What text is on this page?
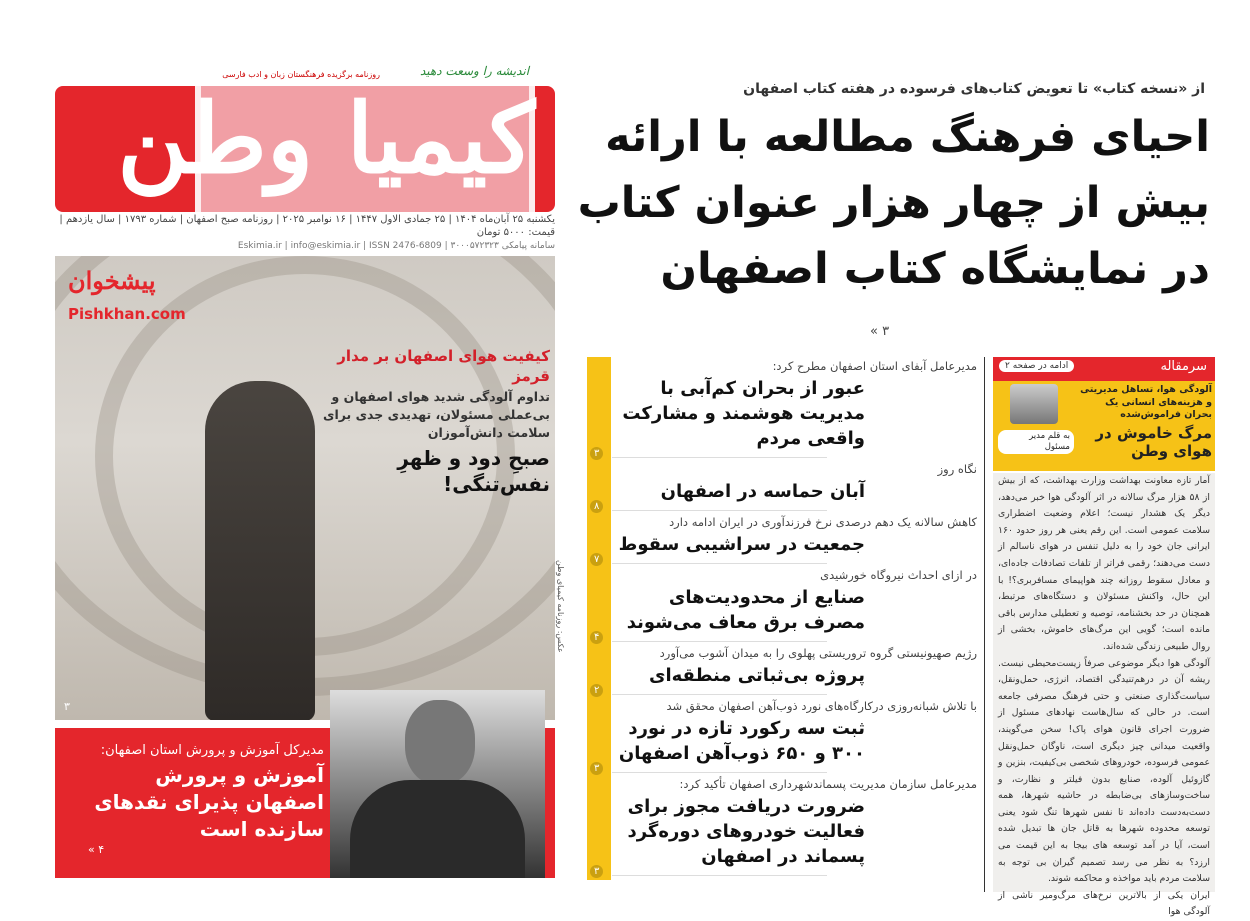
از «نسخه کتاب» تا تعویض کتاب‌های فرسوده در هفته کتاب اصفهان
احیای فرهنگ مطالعه با ارائه بیش از چهار هزار عنوان کتاب در نمایشگاه کتاب اصفهان
« ۳
اندیشه را وسعت دهید
روزنامه برگزیده فرهنگستان زبان و ادب فارسی
کیمیا وطن
یکشنبه ۲۵ آبان‌ماه ۱۴۰۴ | ۲۵ جمادی الاول ۱۴۴۷ | ۱۶ نوامبر ۲۰۲۵ | روزنامه صبح اصفهان | شماره ۱۷۹۳ | سال یازدهم | قیمت: ۵۰۰۰ تومان
سامانه پیامکی ۳۰۰۰۵۷۲۳۲۳ | Eskimia.ir | info@eskimia.ir | ISSN 2476-6809
پیشخوان
Pishkhan.com
کیفیت هوای اصفهان بر مدار قرمز
تداوم آلودگی شدید هوای اصفهان و بی‌عملی مسئولان، تهدیدی جدی برای سلامت دانش‌آموزان
صبحِ دود و ظهرِ نفس‌تنگی!
عکس: روزنامه کیمیای وطن
۳
مدیرکل آموزش و پرورش استان اصفهان:
آموزش و پرورش اصفهان پذیرای نقدهای سازنده است
« ۴
مدیرعامل آبفای استان اصفهان مطرح کرد:
عبور از بحران کم‌آبی با مدیریت هوشمند و مشارکت واقعی مردم
۳
نگاه روز
آبان حماسه در اصفهان
۸
کاهش سالانه یک دهم درصدی نرخ فرزندآوری در ایران ادامه دارد
جمعیت در سراشیبی سقوط
۷
در ازای احداث نیروگاه خورشیدی
صنایع از محدودیت‌های مصرف برق معاف می‌شوند
۴
رژیم صهیونیستی گروه تروریستی پهلوی را به میدان آشوب می‌آورد
پروژه بی‌ثباتی منطقه‌ای
۲
با تلاش شبانه‌روزی درکارگاه‌های نورد ذوب‌آهن اصفهان محقق شد
ثبت سه رکورد تازه در نورد ۳۰۰ و ۶۵۰ ذوب‌آهن اصفهان
۳
مدیرعامل سازمان مدیریت پسماندشهرداری اصفهان تأکید کرد:
ضرورت دریافت مجوز برای فعالیت خودروهای دوره‌گرد پسماند در اصفهان
۳
سرمقاله
ادامه در صفحه ۲
به قلم مدیر مسئول
آلودگی هوا، تساهل مدیریتی و هزینه‌های انسانی یک بحران فراموش‌شده
مرگ خاموش در هوای وطن

آمار تازه معاونت بهداشت وزارت بهداشت، که از بیش از ۵۸ هزار مرگ سالانه در اثر آلودگی هوا خبر می‌دهد، دیگر یک هشدار نیست؛ اعلام وضعیت اضطراری سلامت عمومی است. این رقم یعنی هر روز حدود ۱۶۰ ایرانی جان خود را به دلیل تنفس در هوای ناسالم از دست می‌دهند؛ رقمی فراتر از تلفات تصادفات جاده‌ای، و معادل سقوط روزانه چند هواپیمای مسافربری؟! با این حال، واکنش مسئولان و دستگاه‌های مرتبط، همچنان در حد بخشنامه، توصیه و تعطیلی مدارس باقی مانده است؛ گویی این مرگ‌های خاموش، بخشی از روال طبیعی زندگی شده‌اند.

آلودگی هوا دیگر موضوعی صرفاً زیست‌محیطی نیست. ریشه آن در درهم‌تنیدگی اقتصاد، انرژی، حمل‌ونقل، سیاست‌گذاری صنعتی و حتی فرهنگ مصرفی جامعه است. در حالی که سال‌هاست نهادهای مسئول از ضرورت اجرای قانون هوای پاک! سخن می‌گویند، واقعیت میدانی چیز دیگری است، ناوگان حمل‌ونقل عمومی فرسوده، خودروهای شخصی بی‌کیفیت، بنزین و گازوئیل آلوده، صنایع بدون فیلتر و نظارت، و ساخت‌وسازهای بی‌ضابطه در حاشیه شهرها، همه دست‌به‌دست داده‌اند تا نفس شهرها تنگ شود یعنی توسعه محدوده شهرها به قاتل جان ها تبدیل شده است، آیا در آمد توسعه های بیجا به این قیمت می ارزد؟ به نظر می رسد تصمیم گیران بی توجه به سلامت مردم باید مواخذه و محاکمه شوند.

ایران یکی از بالاترین نرخ‌های مرگ‌ومیر ناشی از آلودگی هوا
